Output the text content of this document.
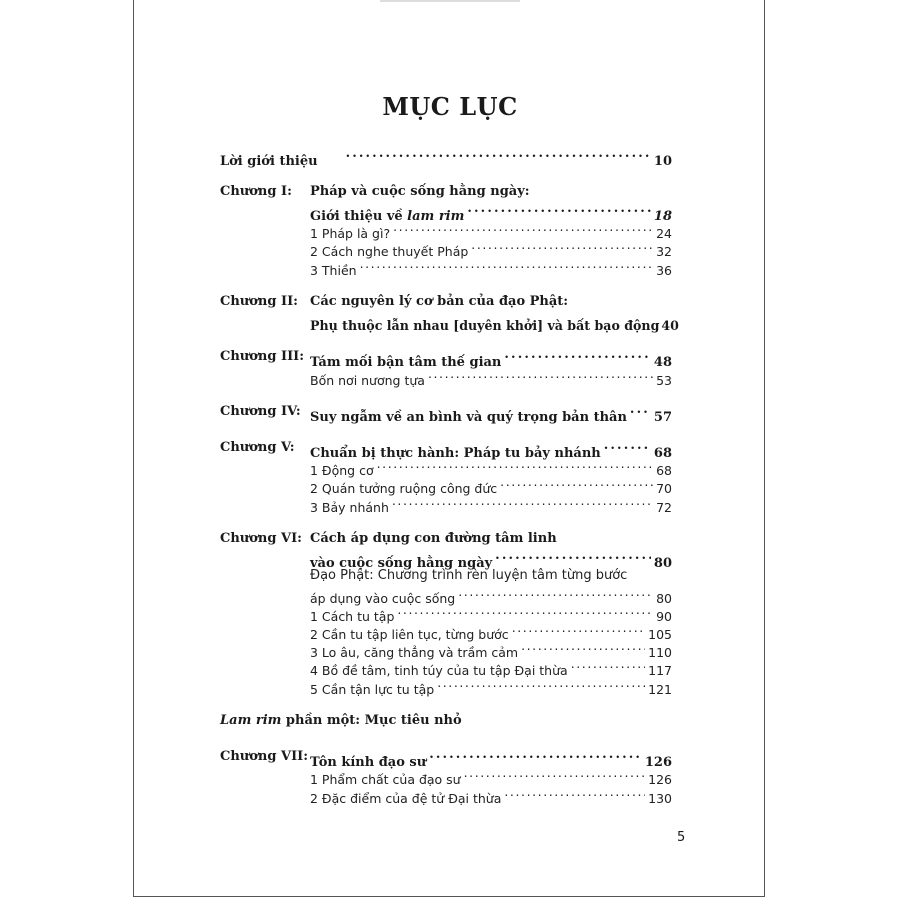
MỤC LỤC
Lời giới thiệu . . .	10
Chương I: Pháp và cuộc sống hằng ngày:
Giới thiệu về lam rim . . .	18
1 Pháp là gì? . . .	24
2 Cách nghe thuyết Pháp . . .	32
3 Thiền . . .	36
Chương II: Các nguyên lý cơ bản của đạo Phật:
Phụ thuộc lẫn nhau [duyên khởi] và bất bạo động 40
Chương III: Tám mối bận tâm thế gian . . .	48
Bốn nơi nương tựa . . .	53
Chương IV: Suy ngẫm về an bình và quý trọng bản thân . . . 57
Chương V: Chuẩn bị thực hành: Pháp tu bảy nhánh . . .	68
1 Động cơ . . .	68
2 Quán tưởng ruộng công đức . . .	70
3 Bảy nhánh . . .	72
Chương VI: Cách áp dụng con đường tâm linh
vào cuộc sống hằng ngày . . .	80
Đạo Phật: Chương trình rèn luyện tâm từng bước
áp dụng vào cuộc sống . . .	80
1 Cách tu tập . . .	90
2 Cần tu tập liên tục, từng bước . . .	105
3 Lo âu, căng thẳng và trầm cảm . . .	110
4 Bồ đề tâm, tinh túy của tu tập Đại thừa . . .	117
5 Cần tận lực tu tập . . .	121
Lam rim phần một: Mục tiêu nhỏ
Chương VII: Tôn kính đạo sư . . .	126
1 Phẩm chất của đạo sư . . .	126
2 Đặc điểm của đệ tử Đại thừa . . .	130
5
